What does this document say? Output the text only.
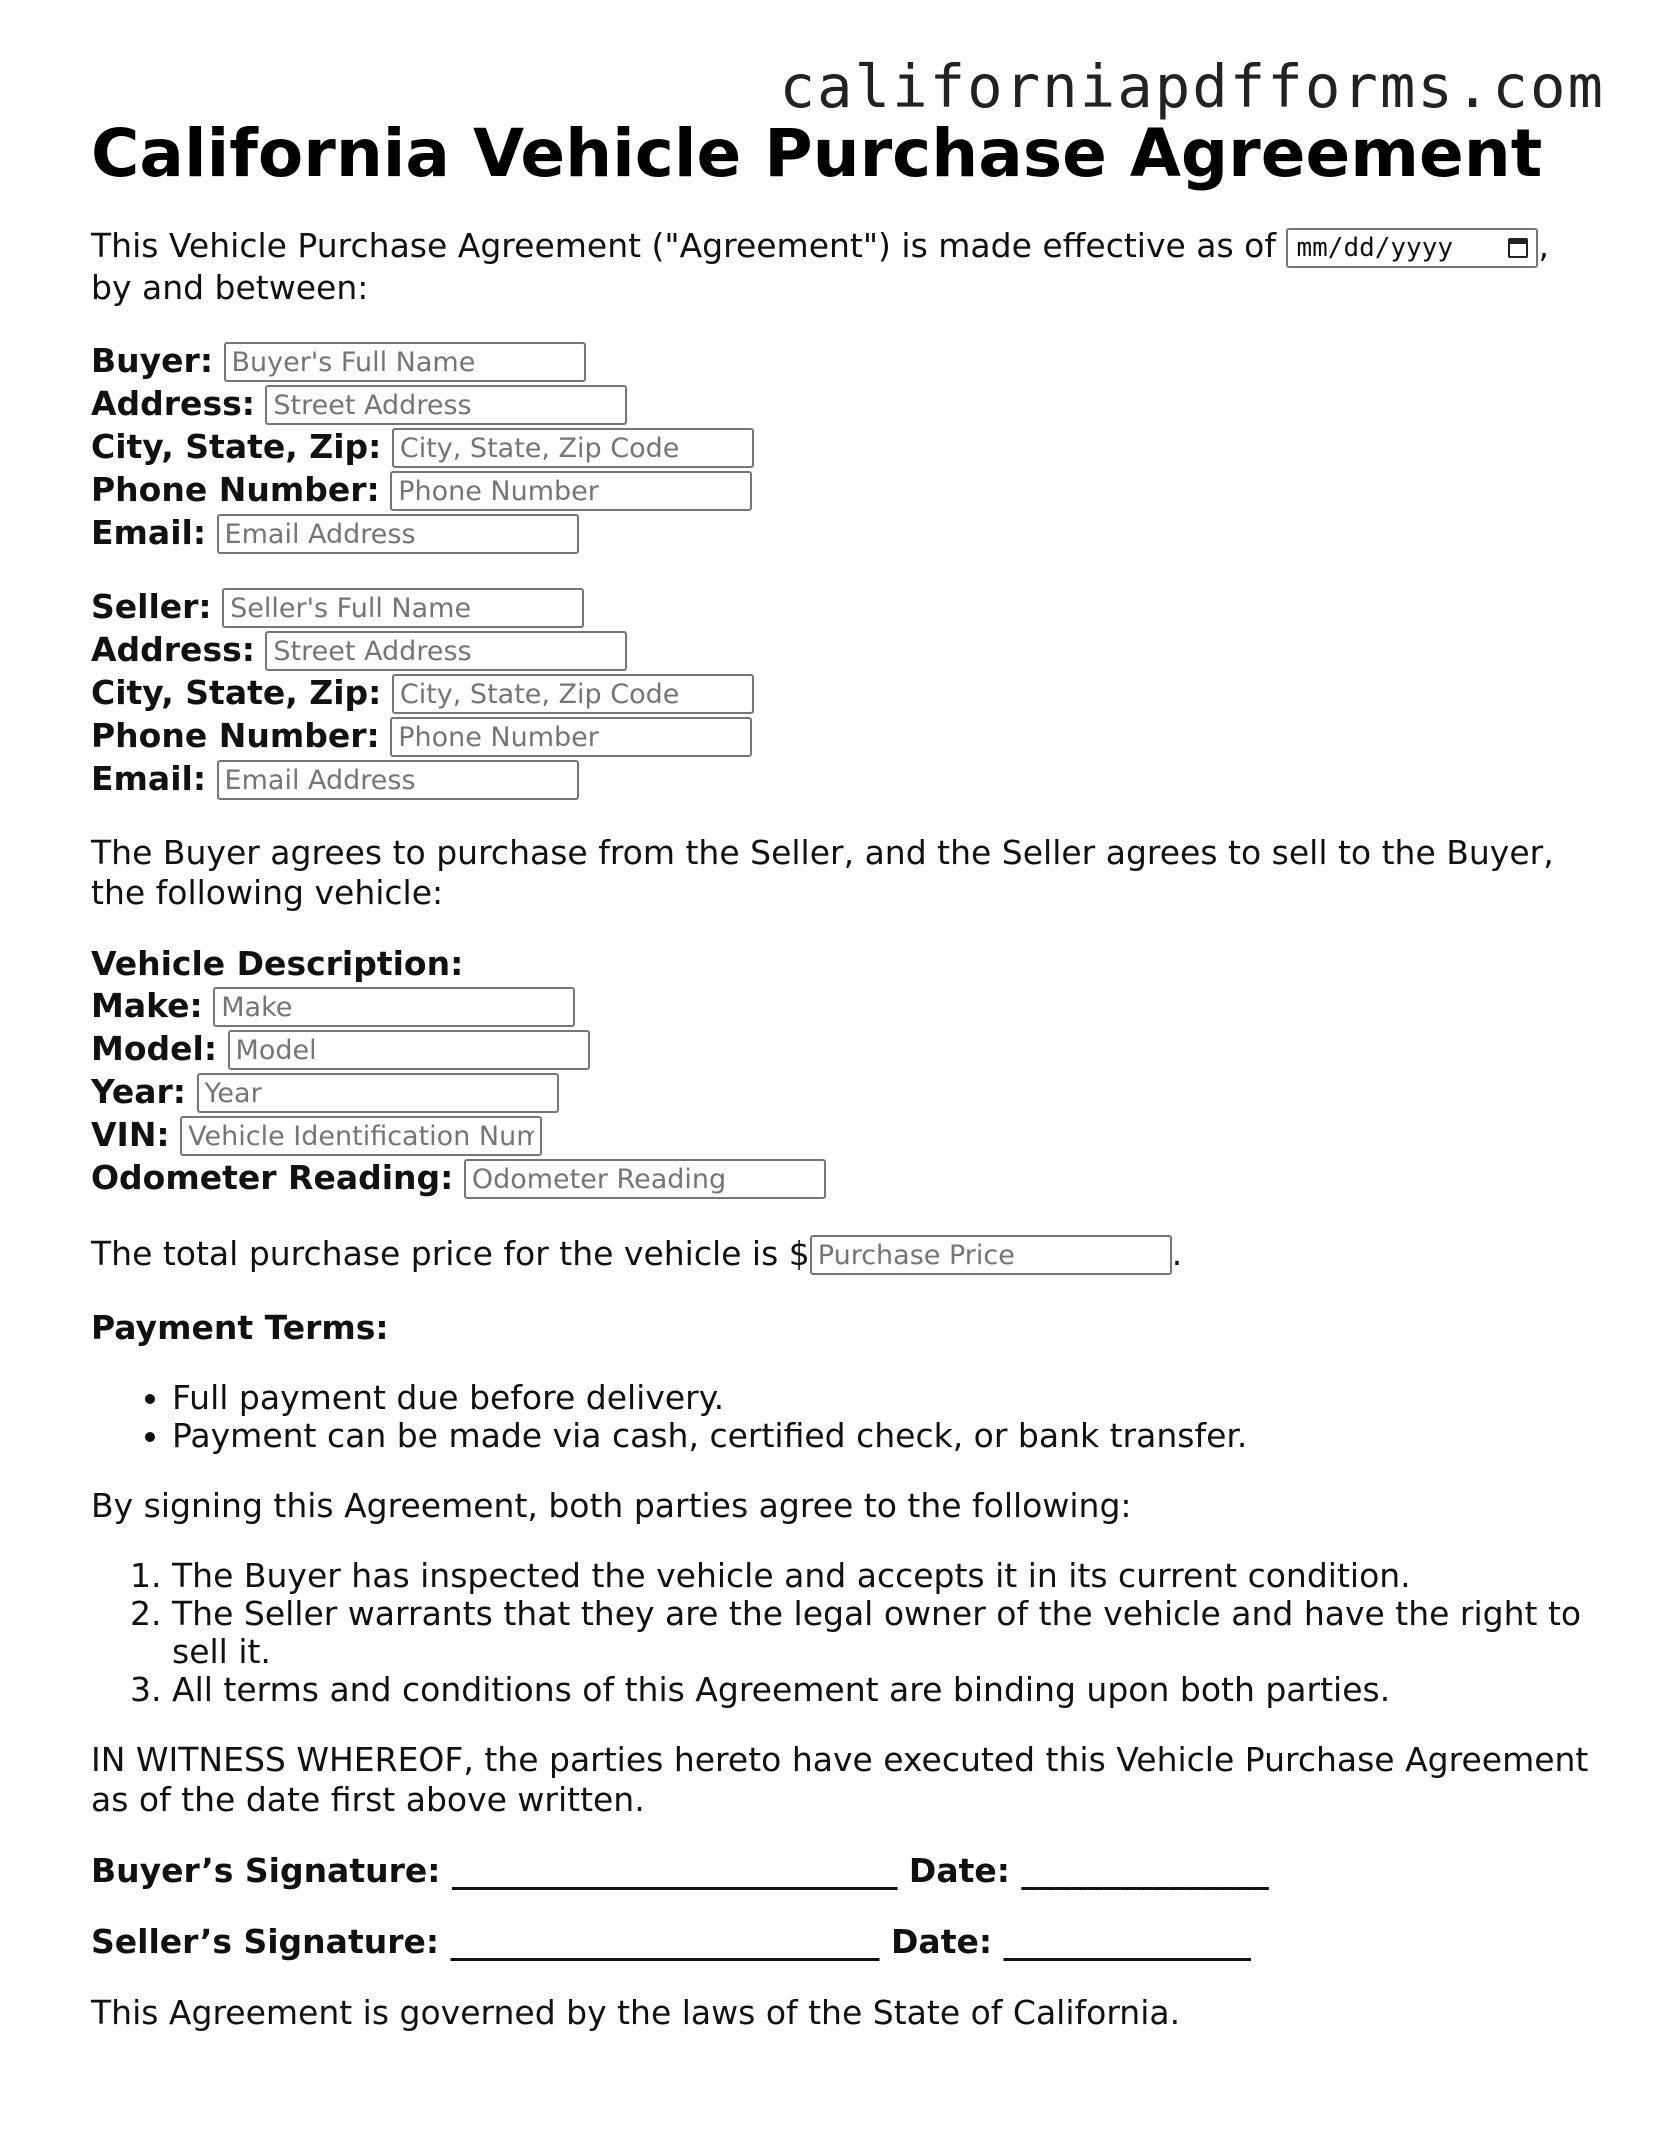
californiapdfforms.com
California Vehicle Purchase Agreement

This Vehicle Purchase Agreement ("Agreement") is made effective as of mm/dd/yyyy	,
by and between:

Buyer: Buyer's Full Name
Address: Street Address
City, State, Zip: City, State, Zip Code
Phone Number: Phone Number
Email: Email Address
Seller: Seller's Full Name
Address: Street Address
City, State, Zip: City, State, Zip Code
Phone Number: Phone Number
Email: Email Address

The Buyer agrees to purchase from the Seller, and the Seller agrees to sell to the Buyer, the following vehicle:

Vehicle Description:
Make: Make
Model: Model
Year: Year
VIN: Vehicle Identification Number
Odometer Reading: Odometer Reading
The total purchase price for the vehicle is $Purchase Price	.
Payment Terms:
• Full payment due before delivery.
• Payment can be made via cash, certified check, or bank transfer.

By signing this Agreement, both parties agree to the following:

1. The Buyer has inspected the vehicle and accepts it in its current condition.
2. The Seller warrants that they are the legal owner of the vehicle and have the right to sell it.
3. All terms and conditions of this Agreement are binding upon both parties.

IN WITNESS WHEREOF, the parties hereto have executed this Vehicle Purchase Agreement as of the date first above written.

Buyer’s Signature: ___________________________ Date: _______________
Seller’s Signature: __________________________ Date: _______________

This Agreement is governed by the laws of the State of California.
